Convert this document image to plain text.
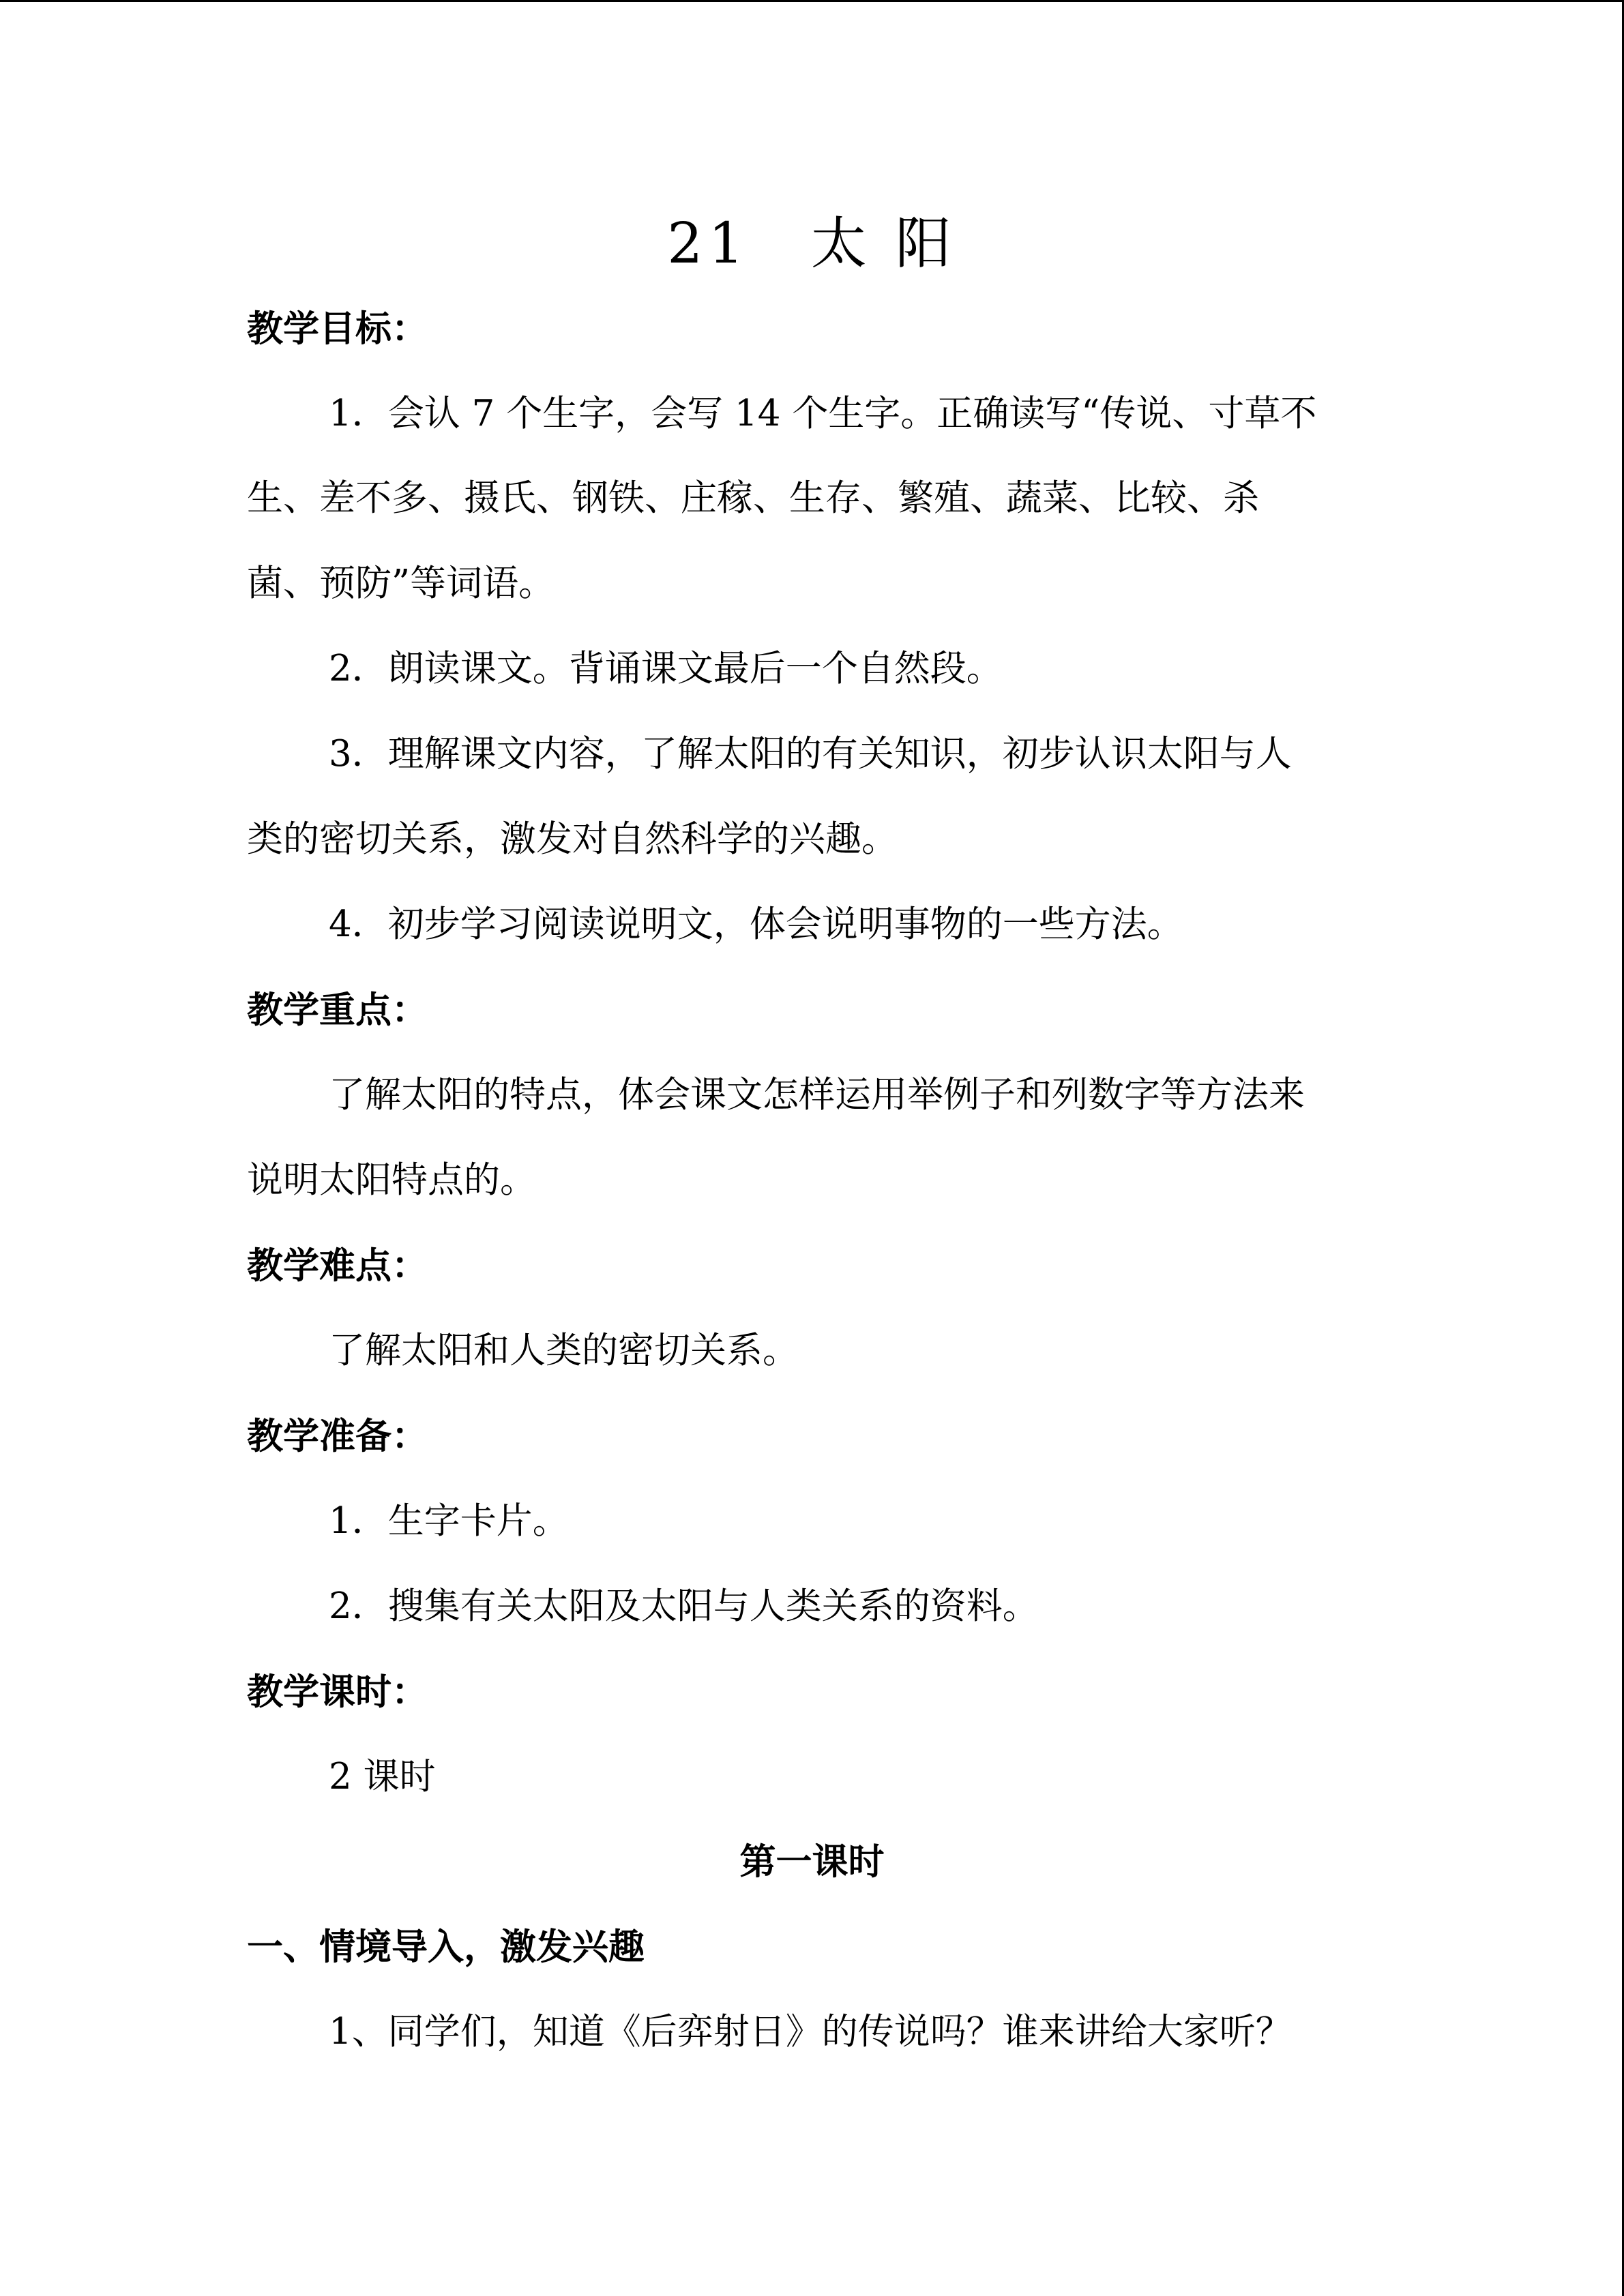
21　太 阳
教学目标：
1．会认 7 个生字，会写 14 个生字。正确读写“传说、寸草不
生、差不多、摄氏、钢铁、庄稼、生存、繁殖、蔬菜、比较、杀
菌、预防”等词语。
2．朗读课文。背诵课文最后一个自然段。
3．理解课文内容，了解太阳的有关知识，初步认识太阳与人
类的密切关系，激发对自然科学的兴趣。
4．初步学习阅读说明文，体会说明事物的一些方法。
教学重点：
了解太阳的特点，体会课文怎样运用举例子和列数字等方法来
说明太阳特点的。
教学难点：
了解太阳和人类的密切关系。
教学准备：
1．生字卡片。
2．搜集有关太阳及太阳与人类关系的资料。
教学课时：
2 课时
第一课时
一、情境导入，激发兴趣
1、同学们，知道《后弈射日》的传说吗？谁来讲给大家听？
